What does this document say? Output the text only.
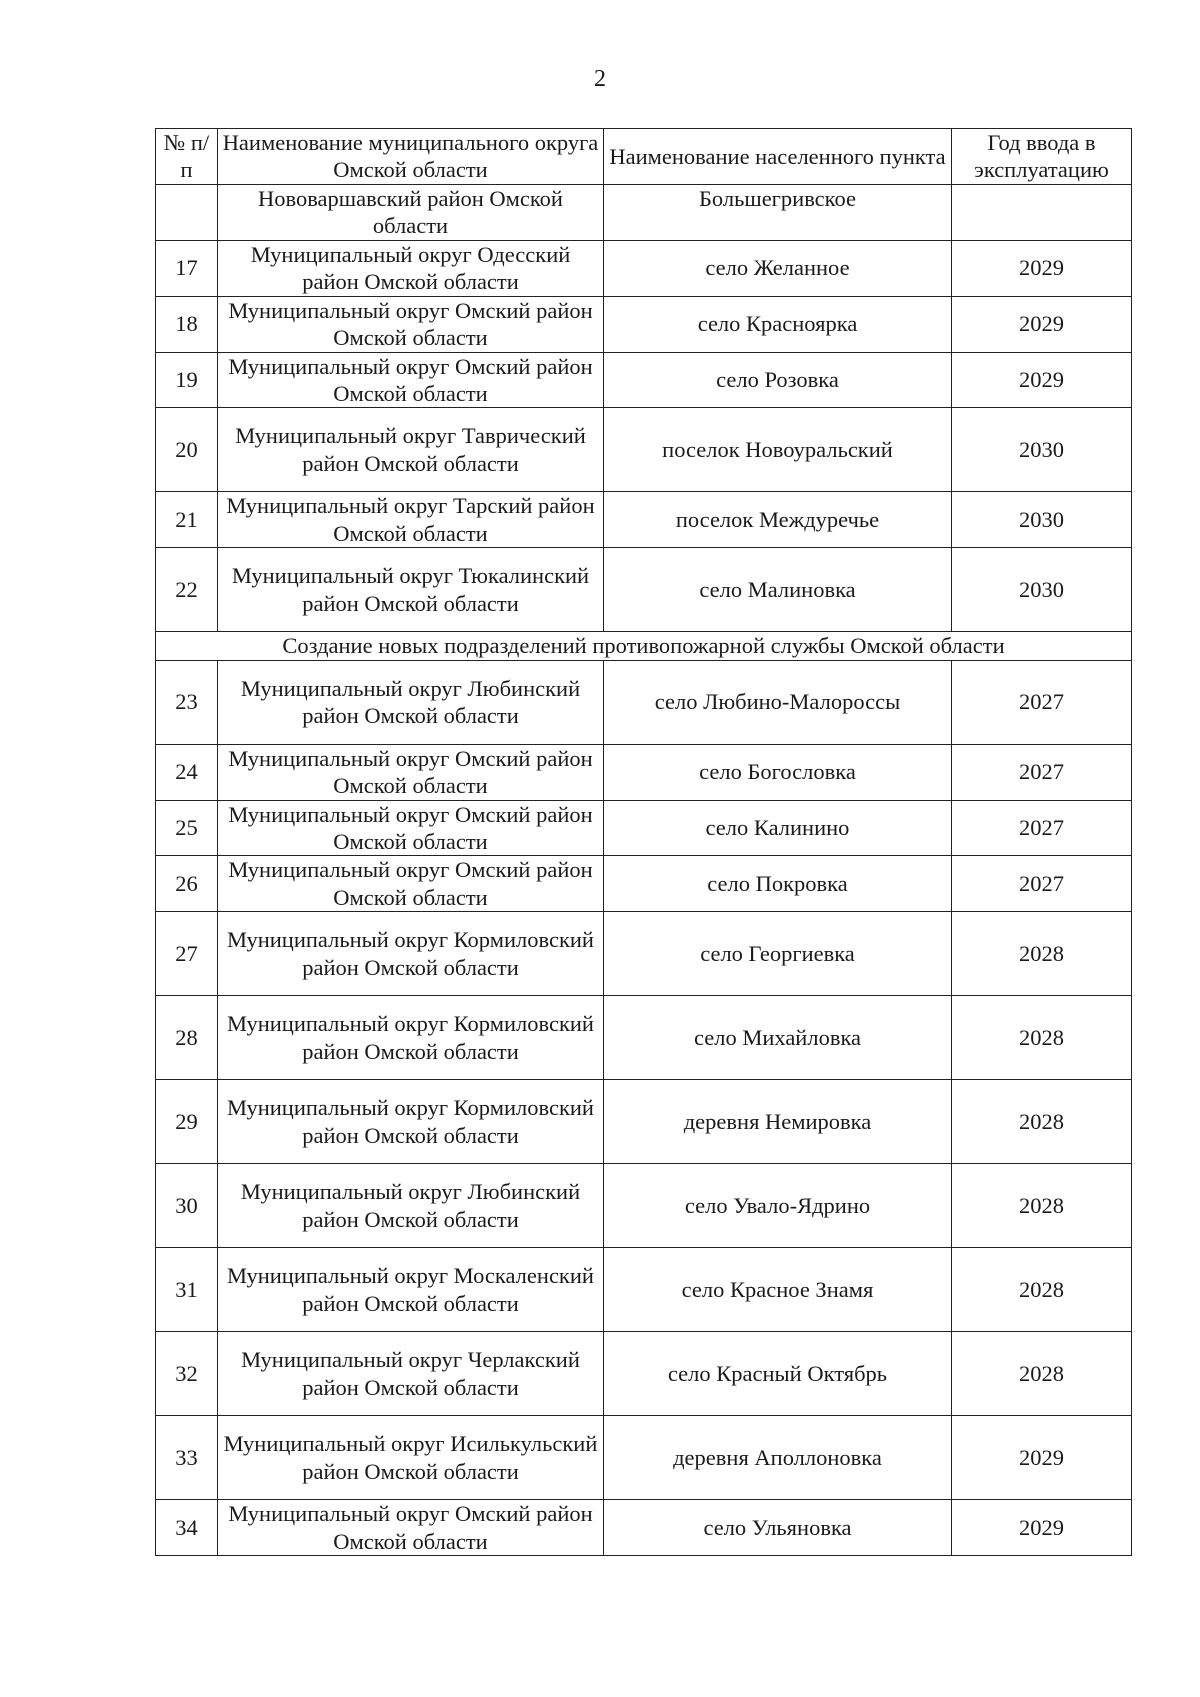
2
№ п/п	Наименование муниципального округа Омской области	Наименование населенного пункта	Год ввода в эксплуатацию
	Нововаршавский район Омской области	Большегривское	
17	Муниципальный округ Одесский район Омской области	село Желанное	2029
18	Муниципальный округ Омский район Омской области	село Красноярка	2029
19	Муниципальный округ Омский район Омской области	село Розовка	2029
20	Муниципальный округ Таврический район Омской области	поселок Новоуральский	2030
21	Муниципальный округ Тарский район Омской области	поселок Междуречье	2030
22	Муниципальный округ Тюкалинский район Омской области	село Малиновка	2030
Создание новых подразделений противопожарной службы Омской области			
23	Муниципальный округ Любинский район Омской области	село Любино-Малороссы	2027
24	Муниципальный округ Омский район Омской области	село Богословка	2027
25	Муниципальный округ Омский район Омской области	село Калинино	2027
26	Муниципальный округ Омский район Омской области	село Покровка	2027
27	Муниципальный округ Кормиловский район Омской области	село Георгиевка	2028
28	Муниципальный округ Кормиловский район Омской области	село Михайловка	2028
29	Муниципальный округ Кормиловский район Омской области	деревня Немировка	2028
30	Муниципальный округ Любинский район Омской области	село Увало-Ядрино	2028
31	Муниципальный округ Москаленский район Омской области	село Красное Знамя	2028
32	Муниципальный округ Черлакский район Омской области	село Красный Октябрь	2028
33	Муниципальный округ Исилькульский район Омской области	деревня Аполлоновка	2029
34	Муниципальный округ Омский район Омской области	село Ульяновка	2029
